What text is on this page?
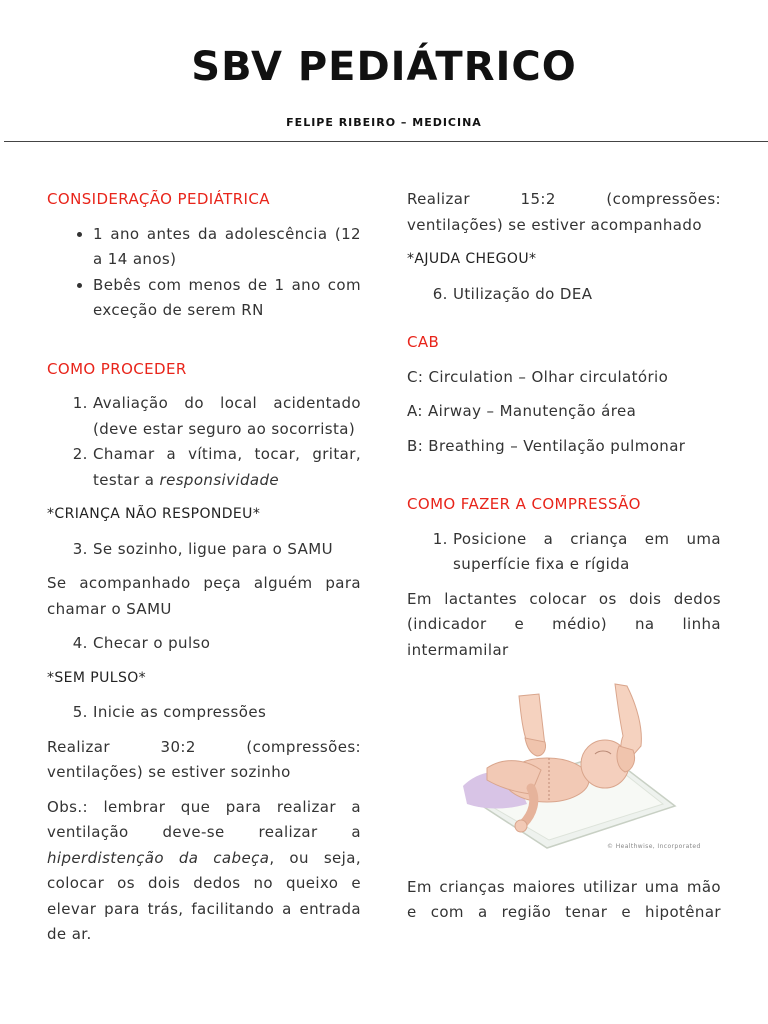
SBV PEDIÁTRICO
FELIPE RIBEIRO – MEDICINA
CONSIDERAÇÃO PEDIÁTRICA
• 1 ano antes da adolescência (12 a 14 anos)
• Bebês com menos de 1 ano com exceção de serem RN
COMO PROCEDER
1. Avaliação do local acidentado (deve estar seguro ao socorrista)
2. Chamar a vítima, tocar, gritar, testar a responsividade
*CRIANÇA NÃO RESPONDEU*
3. Se sozinho, ligue para o SAMU
Se acompanhado peça alguém para chamar o SAMU
4. Checar o pulso
*SEM PULSO*
5. Inicie as compressões
Realizar 30:2 (compressões: ventilações) se estiver sozinho
Obs.: lembrar que para realizar a ventilação deve-se realizar a hiperdistenção da cabeça, ou seja, colocar os dois dedos no queixo e elevar para trás, facilitando a entrada de ar.
Realizar 15:2 (compressões: ventilações) se estiver acompanhado
*AJUDA CHEGOU*
6. Utilização do DEA
CAB
C: Circulation – Olhar circulatório
A: Airway – Manutenção área
B: Breathing – Ventilação pulmonar
COMO FAZER A COMPRESSÃO
1. Posicione a criança em uma superfície fixa e rígida
Em lactantes colocar os dois dedos (indicador e médio) na linha intermamilar
© Healthwise, Incorporated
Em crianças maiores utilizar uma mão e com a região tenar e hipotênar
